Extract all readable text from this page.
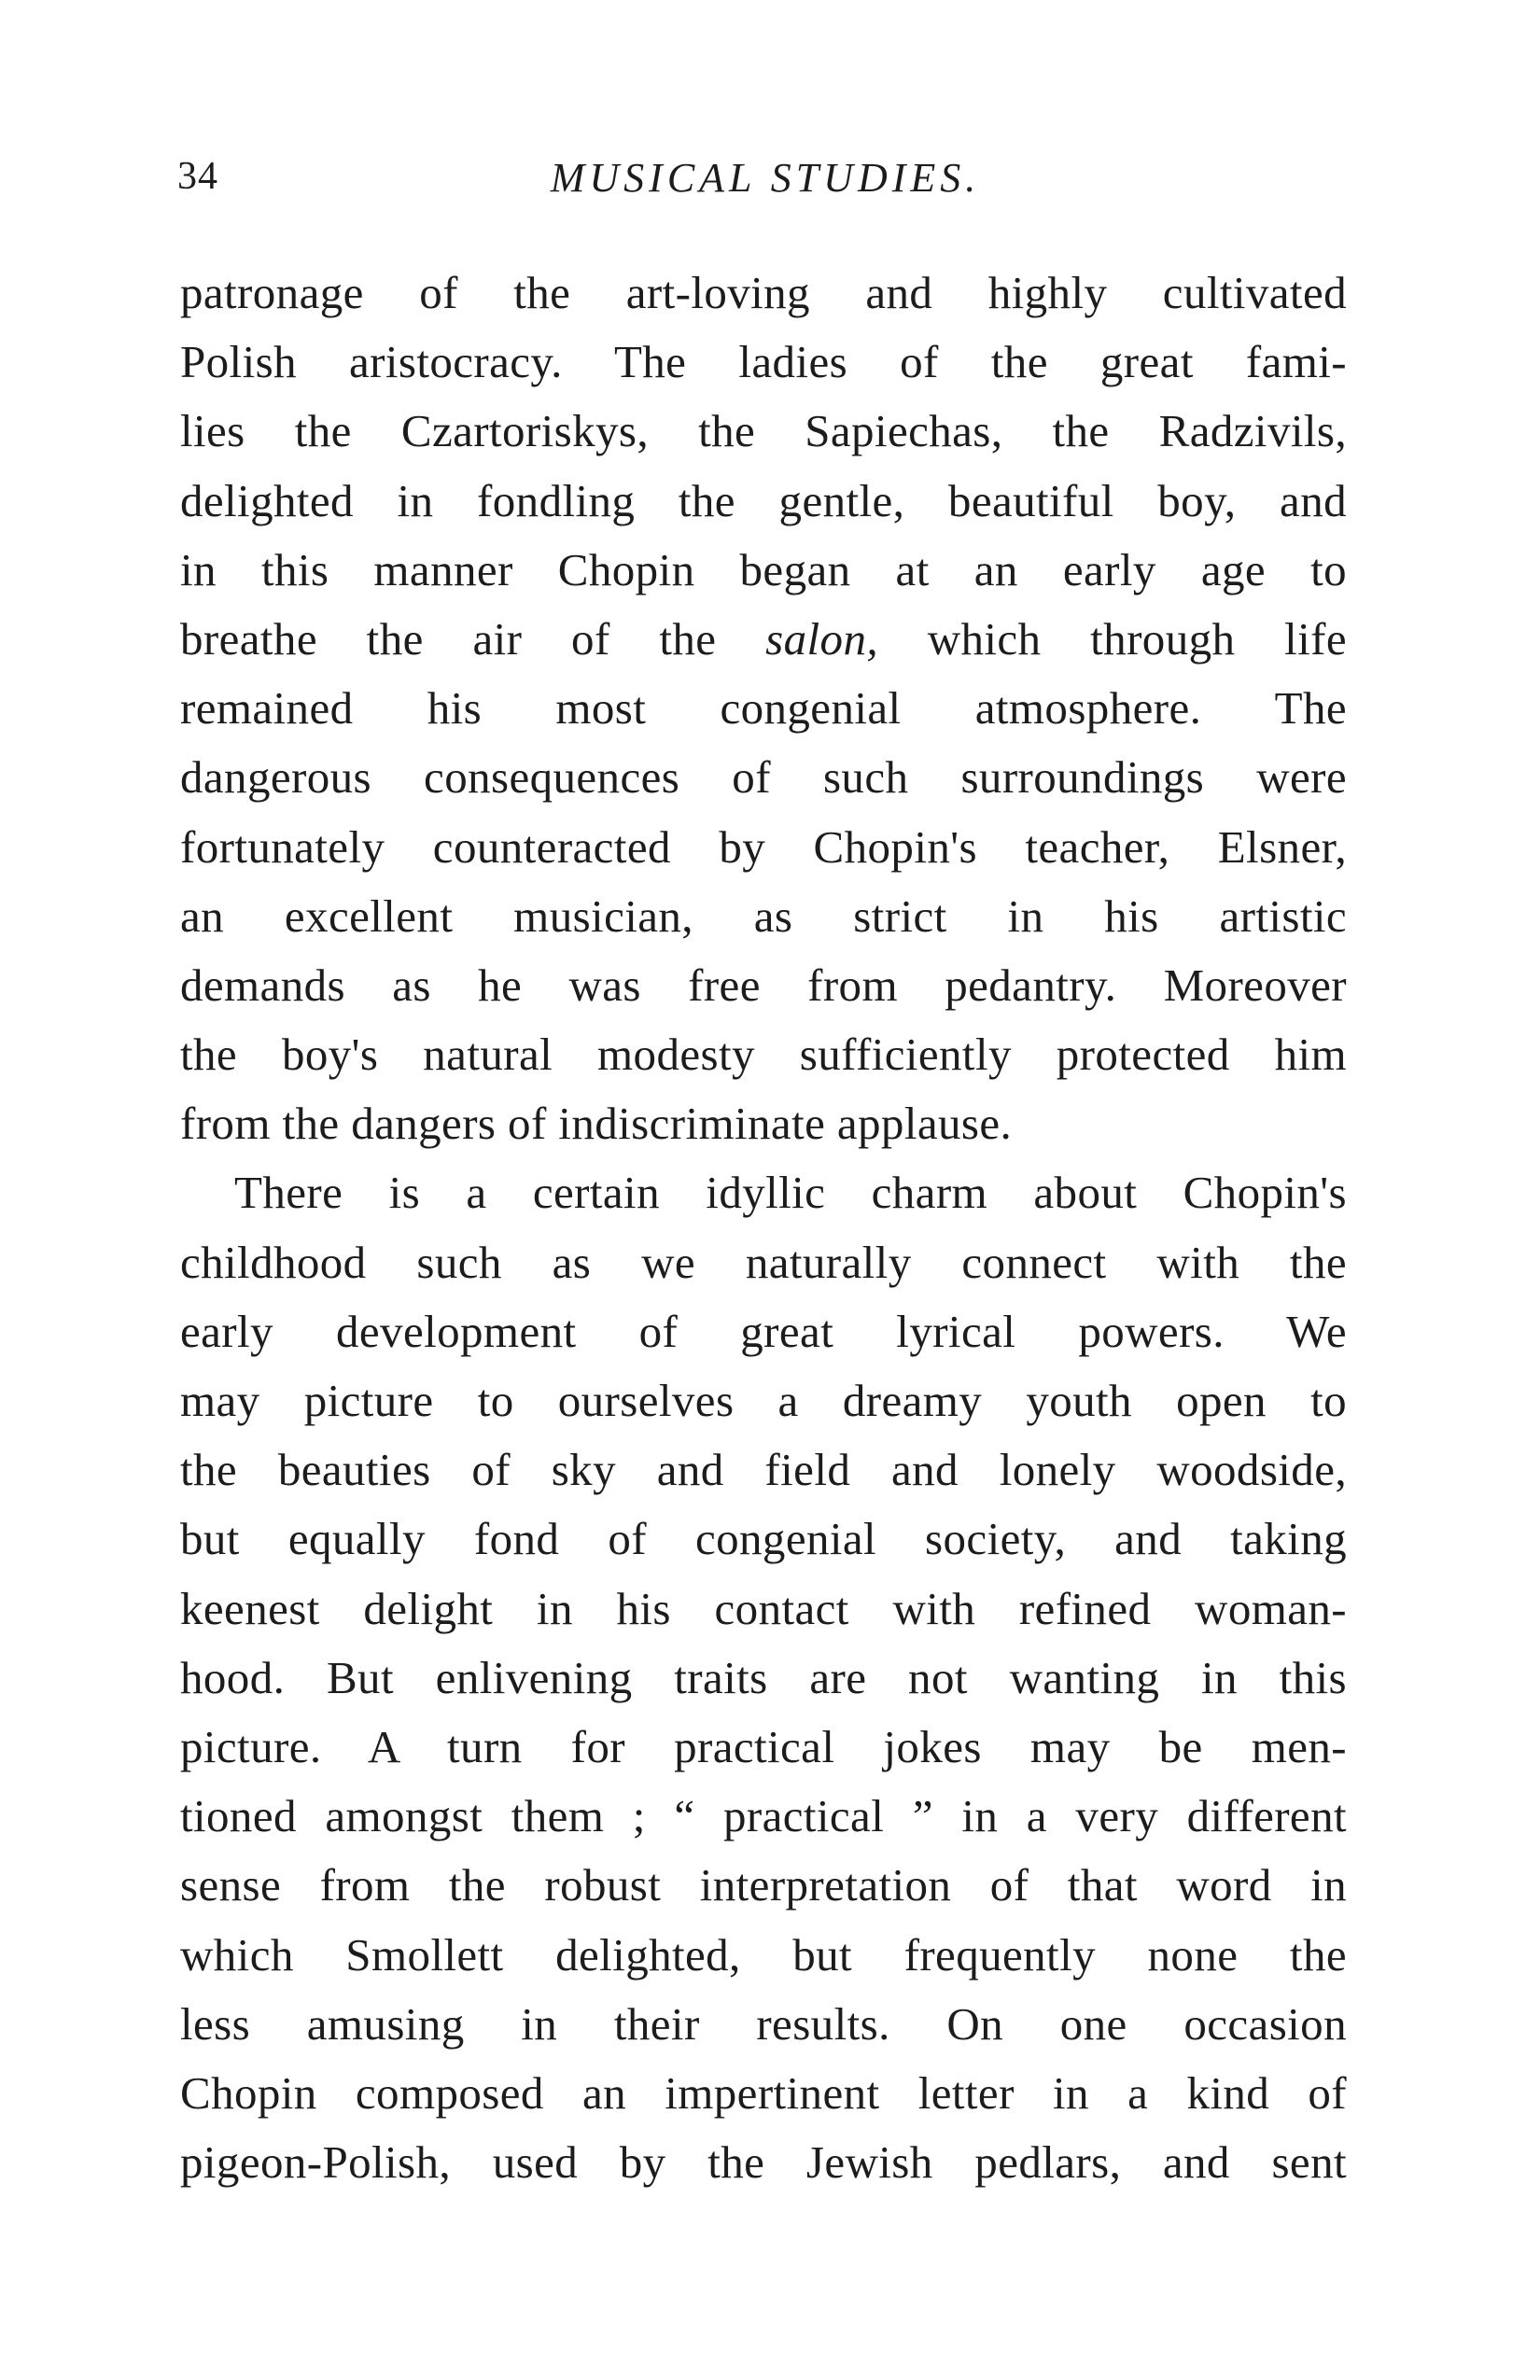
34	MUSICAL STUDIES.
patronage of the art-loving and highly cultivated
Polish aristocracy. The ladies of the great fami-
lies the Czartoriskys, the Sapiechas, the Radzivils,
delighted in fondling the gentle, beautiful boy, and
in this manner Chopin began at an early age to
breathe the air of the salon, which through life
remained his most congenial atmosphere. The
dangerous consequences of such surroundings were
fortunately counteracted by Chopin's teacher, Elsner,
an excellent musician, as strict in his artistic
demands as he was free from pedantry. Moreover
the boy's natural modesty sufficiently protected him
from the dangers of indiscriminate applause.
There is a certain idyllic charm about Chopin's
childhood such as we naturally connect with the
early development of great lyrical powers. We
may picture to ourselves a dreamy youth open to
the beauties of sky and field and lonely woodside,
but equally fond of congenial society, and taking
keenest delight in his contact with refined woman-
hood. But enlivening traits are not wanting in this
picture. A turn for practical jokes may be men-
tioned amongst them ; “ practical ” in a very different
sense from the robust interpretation of that word in
which Smollett delighted, but frequently none the
less amusing in their results. On one occasion
Chopin composed an impertinent letter in a kind of
pigeon-Polish, used by the Jewish pedlars, and sent
